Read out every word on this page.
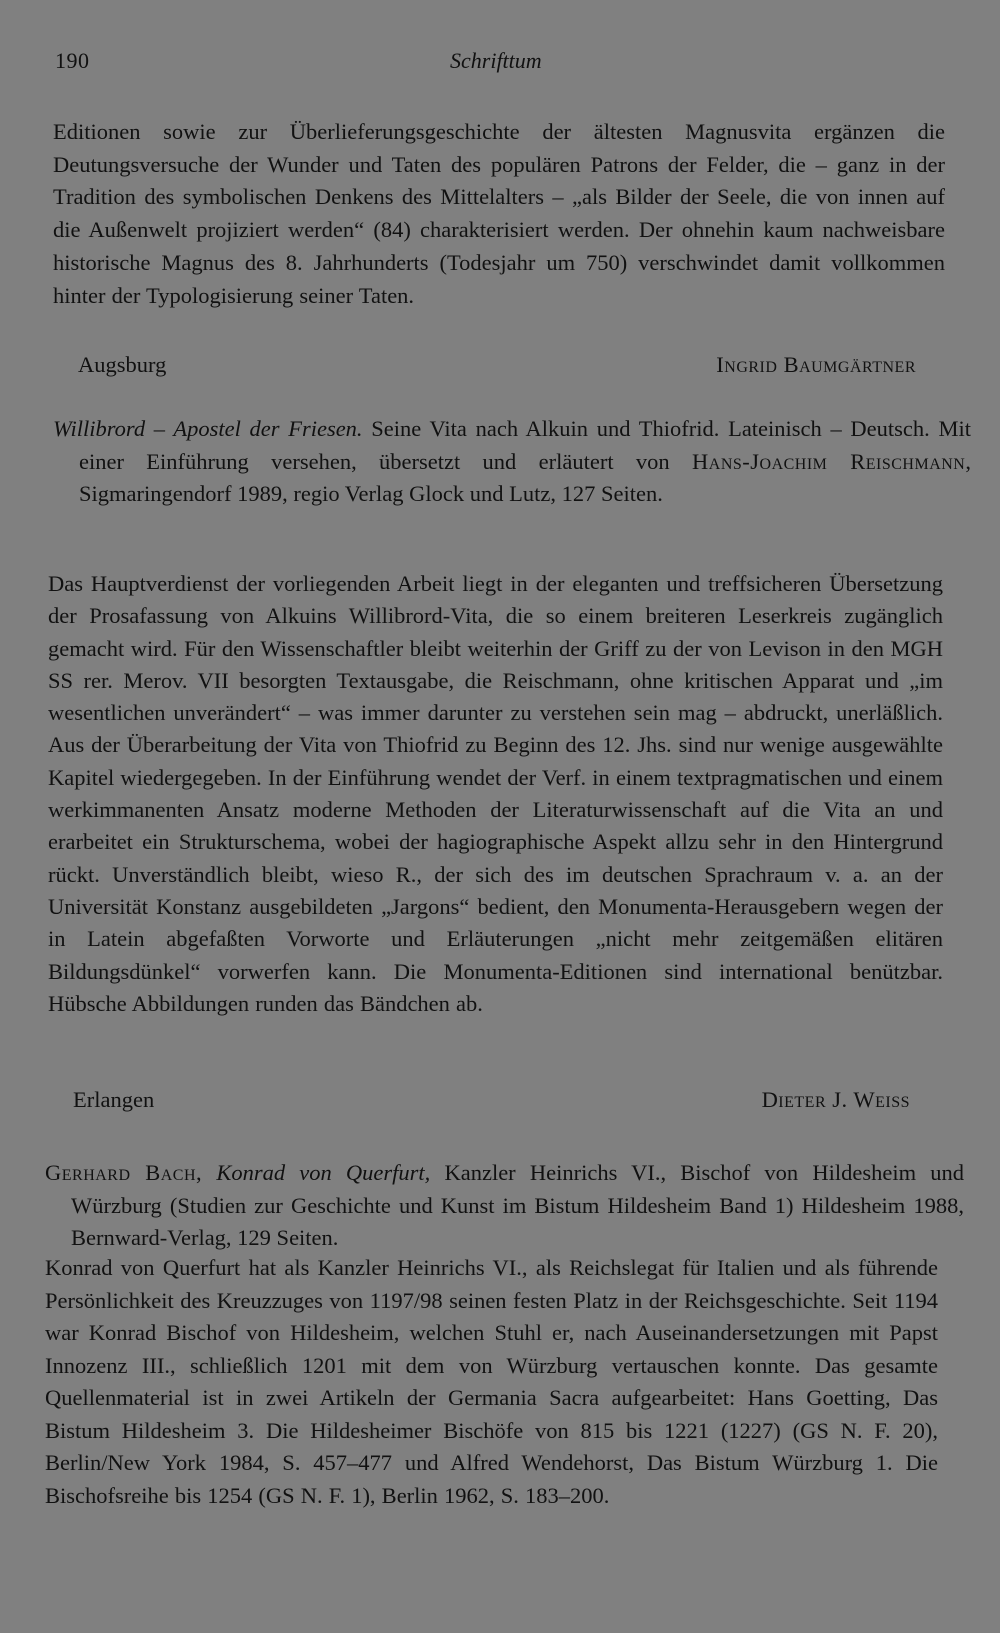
190	Schrifttum

Editionen sowie zur Überlieferungsgeschichte der ältesten Magnusvita ergänzen die Deutungsversuche der Wunder und Taten des populären Patrons der Felder, die – ganz in der Tradition des symbolischen Denkens des Mittelalters – „als Bilder der Seele, die von innen auf die Außenwelt projiziert werden“ (84) charakterisiert werden. Der ohnehin kaum nachweisbare historische Magnus des 8. Jahrhunderts (Todesjahr um 750) verschwindet damit vollkommen hinter der Typologisierung seiner Taten.

Augsburg	Ingrid Baumgärtner

Willibrord – Apostel der Friesen. Seine Vita nach Alkuin und Thiofrid. Lateinisch – Deutsch. Mit einer Einführung versehen, übersetzt und erläutert von Hans-Joachim Reischmann, Sigmaringendorf 1989, regio Verlag Glock und Lutz, 127 Seiten.

Das Hauptverdienst der vorliegenden Arbeit liegt in der eleganten und treffsicheren Übersetzung der Prosafassung von Alkuins Willibrord-Vita, die so einem breiteren Leserkreis zugänglich gemacht wird. Für den Wissenschaftler bleibt weiterhin der Griff zu der von Levison in den MGH SS rer. Merov. VII besorgten Textausgabe, die Reischmann, ohne kritischen Apparat und „im wesentlichen unverändert“ – was immer darunter zu verstehen sein mag – abdruckt, unerläßlich. Aus der Überarbeitung der Vita von Thiofrid zu Beginn des 12. Jhs. sind nur wenige ausgewählte Kapitel wiedergegeben. In der Einführung wendet der Verf. in einem textpragmatischen und einem werkimmanenten Ansatz moderne Methoden der Literaturwissenschaft auf die Vita an und erarbeitet ein Strukturschema, wobei der hagiographische Aspekt allzu sehr in den Hintergrund rückt. Unverständlich bleibt, wieso R., der sich des im deutschen Sprachraum v. a. an der Universität Konstanz ausgebildeten „Jargons“ bedient, den Monumenta-Herausgebern wegen der in Latein abgefaßten Vorworte und Erläuterungen „nicht mehr zeitgemäßen elitären Bildungsdünkel“ vorwerfen kann. Die Monumenta-Editionen sind international benützbar. Hübsche Abbildungen runden das Bändchen ab.

Erlangen	Dieter J. Weiss

Gerhard Bach, Konrad von Querfurt, Kanzler Heinrichs VI., Bischof von Hildesheim und Würzburg (Studien zur Geschichte und Kunst im Bistum Hildesheim Band 1) Hildesheim 1988, Bernward-Verlag, 129 Seiten.

Konrad von Querfurt hat als Kanzler Heinrichs VI., als Reichslegat für Italien und als führende Persönlichkeit des Kreuzzuges von 1197/98 seinen festen Platz in der Reichsgeschichte. Seit 1194 war Konrad Bischof von Hildesheim, welchen Stuhl er, nach Auseinandersetzungen mit Papst Innozenz III., schließlich 1201 mit dem von Würzburg vertauschen konnte. Das gesamte Quellenmaterial ist in zwei Artikeln der Germania Sacra aufgearbeitet: Hans Goetting, Das Bistum Hildesheim 3. Die Hildesheimer Bischöfe von 815 bis 1221 (1227) (GS N. F. 20), Berlin/New York 1984, S. 457–477 und Alfred Wendehorst, Das Bistum Würzburg 1. Die Bischofsreihe bis 1254 (GS N. F. 1), Berlin 1962, S. 183–200.
